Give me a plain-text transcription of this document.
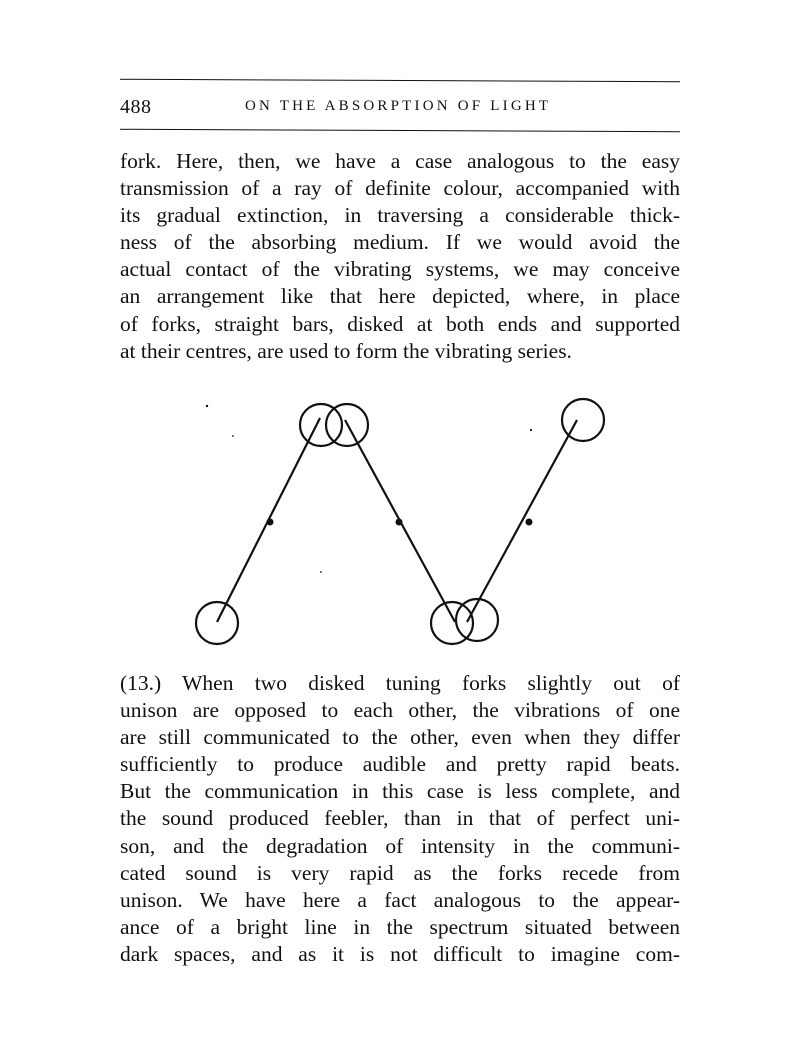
488	ON THE ABSORPTION OF LIGHT

fork. Here, then, we have a case analogous to the easy
transmission of a ray of definite colour, accompanied with
its gradual extinction, in traversing a considerable thick-
ness of the absorbing medium. If we would avoid the
actual contact of the vibrating systems, we may conceive
an arrangement like that here depicted, where, in place
of forks, straight bars, disked at both ends and supported
at their centres, are used to form the vibrating series.

(13.) When two disked tuning forks slightly out of
unison are opposed to each other, the vibrations of one
are still communicated to the other, even when they differ
sufficiently to produce audible and pretty rapid beats.
But the communication in this case is less complete, and
the sound produced feebler, than in that of perfect uni-
son, and the degradation of intensity in the communi-
cated sound is very rapid as the forks recede from
unison. We have here a fact analogous to the appear-
ance of a bright line in the spectrum situated between
dark spaces, and as it is not difficult to imagine com-
